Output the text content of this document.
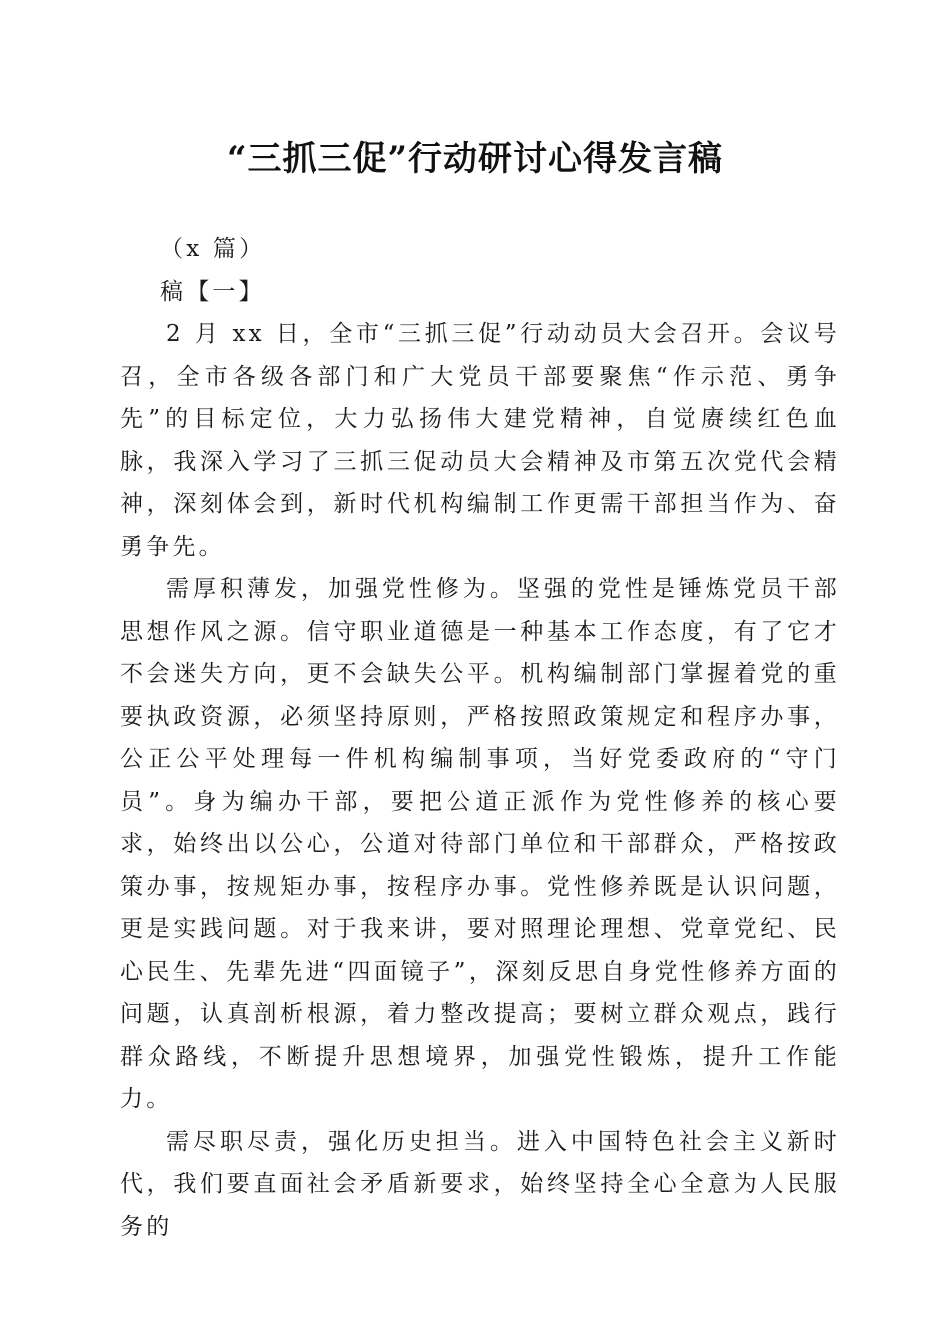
“三抓三促”行动研讨心得发言稿

（x 篇）

稿【一】

2 月 xx 日，全市“三抓三促”行动动员大会召开。会议号召，全市各级各部门和广大党员干部要聚焦“作示范、勇争先”的目标定位，大力弘扬伟大建党精神，自觉赓续红色血脉，我深入学习了三抓三促动员大会精神及市第五次党代会精神，深刻体会到，新时代机构编制工作更需干部担当作为、奋勇争先。

需厚积薄发，加强党性修为。坚强的党性是锤炼党员干部思想作风之源。信守职业道德是一种基本工作态度，有了它才不会迷失方向，更不会缺失公平。机构编制部门掌握着党的重要执政资源，必须坚持原则，严格按照政策规定和程序办事，公正公平处理每一件机构编制事项，当好党委政府的“守门员”。身为编办干部，要把公道正派作为党性修养的核心要求，始终出以公心，公道对待部门单位和干部群众，严格按政策办事，按规矩办事，按程序办事。党性修养既是认识问题，更是实践问题。对于我来讲，要对照理论理想、党章党纪、民心民生、先辈先进“四面镜子”，深刻反思自身党性修养方面的问题，认真剖析根源，着力整改提高；要树立群众观点，践行群众路线，不断提升思想境界，加强党性锻炼，提升工作能力。

需尽职尽责，强化历史担当。进入中国特色社会主义新时代，我们要直面社会矛盾新要求，始终坚持全心全意为人民服务的
